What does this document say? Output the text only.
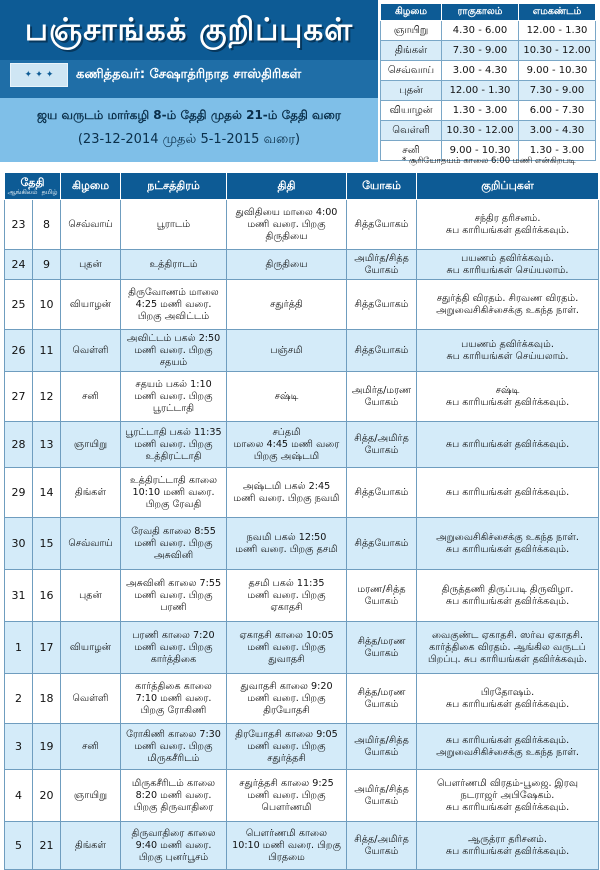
பஞ்சாங்கக் குறிப்புகள்
✦ ✦ ✦	கணித்தவர்: சேஷாத்ரிநாத சாஸ்திரிகள்
ஜய வருடம் மார்கழி 8-ம் தேதி முதல் 21-ம் தேதி வரை
(23-12-2014 முதல் 5-1-2015 வரை)
கிழமை	ராகுகாலம்	எமகண்டம்
ஞாயிறு	4.30 - 6.00	12.00 - 1.30
திங்கள்	7.30 - 9.00	10.30 - 12.00
செவ்வாய்	3.00 - 4.30	9.00 - 10.30
புதன்	12.00 - 1.30	7.30 - 9.00
வியாழன்	1.30 - 3.00	6.00 - 7.30
வெள்ளி	10.30 - 12.00	3.00 - 4.30
சனி	9.00 - 10.30	1.30 - 3.00
* சூரியோதயம் காலை 6:00 மணி என்கிறபடி
தேதி
ஆங்கிலம் தமிழ்		கிழமை	நட்சத்திரம்	திதி	யோகம்	குறிப்புகள்
23	8	செவ்வாய்	பூராடம்	துவிதியை மாலை 4:00
மணி வரை. பிறகு
திருதியை	சித்தயோகம்	சந்திர தரிசனம்.
சுப காரியங்கள் தவிர்க்கவும்.
24	9	புதன்	உத்திராடம்	திருதியை	அமிர்த/சித்த
யோகம்	பயணம் தவிர்க்கவும்.
சுப காரியங்கள் செய்யலாம்.
25	10	வியாழன்	திருவோணம் மாலை
4:25 மணி வரை.
பிறகு அவிட்டம்	சதுர்த்தி	சித்தயோகம்	சதுர்த்தி விரதம். சிரவண விரதம்.
அறுவைசிகிச்சைக்கு உகந்த நாள்.
26	11	வெள்ளி	அவிட்டம் பகல் 2:50
மணி வரை. பிறகு
சதயம்	பஞ்சமி	சித்தயோகம்	பயணம் தவிர்க்கவும்.
சுப காரியங்கள் செய்யலாம்.
27	12	சனி	சதயம் பகல் 1:10
மணி வரை. பிறகு
பூரட்டாதி	சஷ்டி	அமிர்த/மரண
யோகம்	சஷ்டி
சுப காரியங்கள் தவிர்க்கவும்.
28	13	ஞாயிறு	பூரட்டாதி பகல் 11:35
மணி வரை. பிறகு
உத்திரட்டாதி	சப்தமி
மாலை 4:45 மணி வரை
பிறகு அஷ்டமி	சித்த/அமிர்த
யோகம்	சுப காரியங்கள் தவிர்க்கவும்.
29	14	திங்கள்	உத்திரட்டாதி காலை
10:10 மணி வரை.
பிறகு ரேவதி	அஷ்டமி பகல் 2:45
மணி வரை. பிறகு நவமி	சித்தயோகம்	சுப காரியங்கள் தவிர்க்கவும்.
30	15	செவ்வாய்	ரேவதி காலை 8:55
மணி வரை. பிறகு
அசுவினி	நவமி பகல் 12:50
மணி வரை. பிறகு தசமி	சித்தயோகம்	அறுவைசிகிச்சைக்கு உகந்த நாள்.
சுப காரியங்கள் தவிர்க்கவும்.
31	16	புதன்	அசுவினி காலை 7:55
மணி வரை. பிறகு
பரணி	தசமி பகல் 11:35
மணி வரை. பிறகு
ஏகாதசி	மரண/சித்த
யோகம்	திருத்தணி திருப்படி திருவிழா.
சுப காரியங்கள் தவிர்க்கவும்.
1	17	வியாழன்	பரணி காலை 7:20
மணி வரை. பிறகு
கார்த்திகை	ஏகாதசி காலை 10:05
மணி வரை. பிறகு
துவாதசி	சித்த/மரண
யோகம்	வைகுண்ட ஏகாதசி. ஸர்வ ஏகாதசி.
கார்த்திகை விரதம். ஆங்கில வருடப்
பிறப்பு. சுப காரியங்கள் தவிர்க்கவும்.
2	18	வெள்ளி	கார்த்திகை காலை
7:10 மணி வரை.
பிறகு ரோகிணி	துவாதசி காலை 9:20
மணி வரை. பிறகு
திரயோதசி	சித்த/மரண
யோகம்	பிரதோஷம்.
சுப காரியங்கள் தவிர்க்கவும்.
3	19	சனி	ரோகிணி காலை 7:30
மணி வரை. பிறகு
மிருகசீரிடம்	திரயோதசி காலை 9:05
மணி வரை. பிறகு
சதுர்த்தசி	அமிர்த/சித்த
யோகம்	சுப காரியங்கள் தவிர்க்கவும்.
அறுவைசிகிச்சைக்கு உகந்த நாள்.
4	20	ஞாயிறு	மிருகசீரிடம் காலை
8:20 மணி வரை.
பிறகு திருவாதிரை	சதுர்த்தசி காலை 9:25
மணி வரை. பிறகு
பௌர்ணமி	அமிர்த/சித்த
யோகம்	பௌர்ணமி விரதம்-பூஜை. இரவு
நடராஜர் அபிஷேகம்.
சுப காரியங்கள் தவிர்க்கவும்.
5	21	திங்கள்	திருவாதிரை காலை
9:40 மணி வரை.
பிறகு புனர்பூசம்	பௌர்ணமி காலை
10:10 மணி வரை. பிறகு
பிரதமை	சித்த/அமிர்த
யோகம்	ஆருத்ரா தரிசனம்.
சுப காரியங்கள் தவிர்க்கவும்.
